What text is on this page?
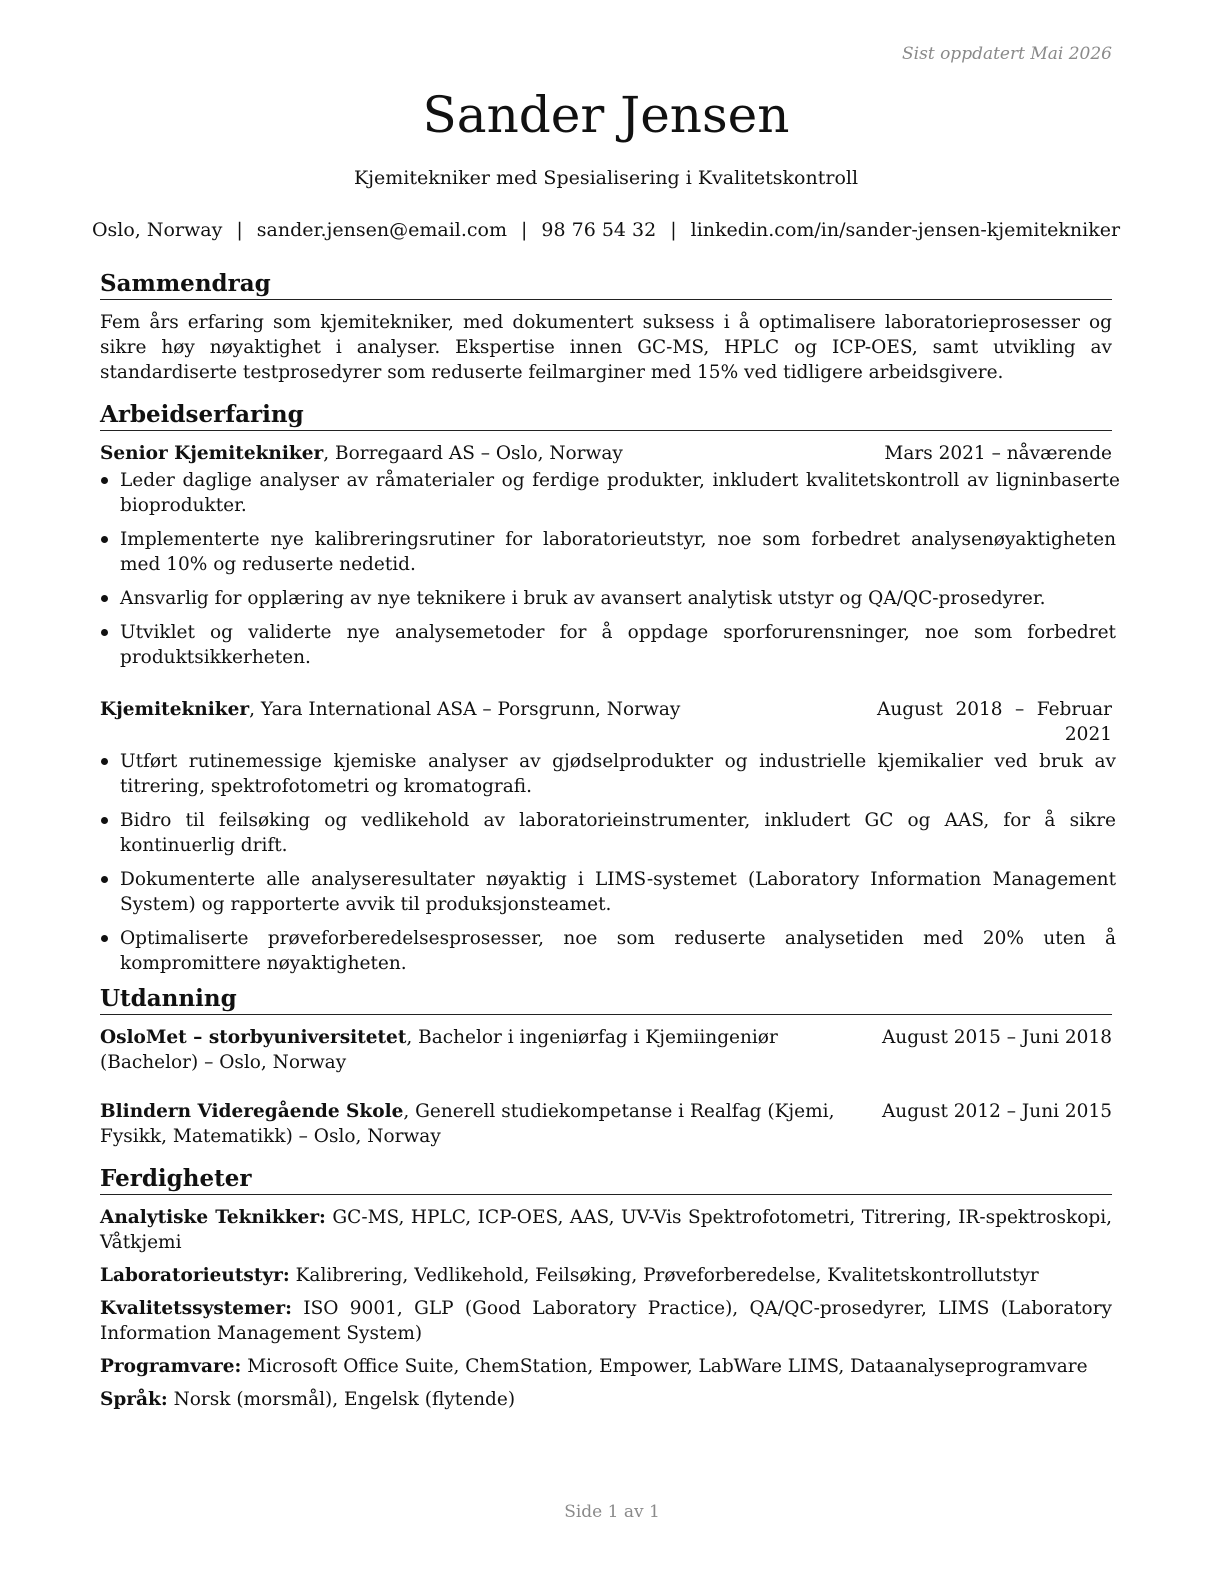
Sist oppdatert Mai 2026
Sander Jensen
Kjemitekniker med Spesialisering i Kvalitetskontroll
Oslo, Norway | sander.jensen@email.com | 98 76 54 32 | linkedin.com/in/sander-jensen-kjemitekniker
Sammendrag

Fem års erfaring som kjemitekniker, med dokumentert suksess i å optimalisere laboratorieprosesser og sikre høy nøyaktighet i analyser. Ekspertise innen GC-MS, HPLC og ICP-OES, samt utvikling av standardiserte testprosedyrer som reduserte feilmarginer med 15% ved tidligere arbeidsgivere.

Arbeidserfaring
Senior Kjemitekniker, Borregaard AS – Oslo, Norway	Mars 2021 – nåværende
Leder daglige analyser av råmaterialer og ferdige produkter, inkludert kvalitetskontroll av ligninbaserte bioprodukter.
Implementerte nye kalibreringsrutiner for laboratorieutstyr, noe som forbedret analysenøyaktigheten med 10% og reduserte nedetid.
Ansvarlig for opplæring av nye teknikere i bruk av avansert analytisk utstyr og QA/QC-prosedyrer.
Utviklet og validerte nye analysemetoder for å oppdage sporforurensninger, noe som forbedret produktsikkerheten.
Kjemitekniker, Yara International ASA – Porsgrunn, Norway	August 2018 – Februar 2021
Utført rutinemessige kjemiske analyser av gjødselprodukter og industrielle kjemikalier ved bruk av titrering, spektrofotometri og kromatografi.
Bidro til feilsøking og vedlikehold av laboratorieinstrumenter, inkludert GC og AAS, for å sikre kontinuerlig drift.
Dokumenterte alle analyseresultater nøyaktig i LIMS-systemet (Laboratory Information Management System) og rapporterte avvik til produksjonsteamet.
Optimaliserte prøveforberedelsesprosesser, noe som reduserte analysetiden med 20% uten å kompromittere nøyaktigheten.
Utdanning
OsloMet – storbyuniversitetet, Bachelor i ingeniørfag i Kjemiingeniør (Bachelor) – Oslo, Norway
August 2015 – Juni 2018
Blindern Videregående Skole, Generell studiekompetanse i Realfag (Kjemi, Fysikk, Matematikk) – Oslo, Norway
August 2012 – Juni 2015
Ferdigheter

Analytiske Teknikker: GC-MS, HPLC, ICP-OES, AAS, UV-Vis Spektrofotometri, Titrering, IR-spektroskopi, Våtkjemi

Laboratorieutstyr: Kalibrering, Vedlikehold, Feilsøking, Prøveforberedelse, Kvalitetskontrollutstyr

Kvalitetssystemer: ISO 9001, GLP (Good Laboratory Practice), QA/QC-prosedyrer, LIMS (Laboratory Information Management System)

Programvare: Microsoft Office Suite, ChemStation, Empower, LabWare LIMS, Dataanalyseprogramvare

Språk: Norsk (morsmål), Engelsk (flytende)

Side 1 av 1
